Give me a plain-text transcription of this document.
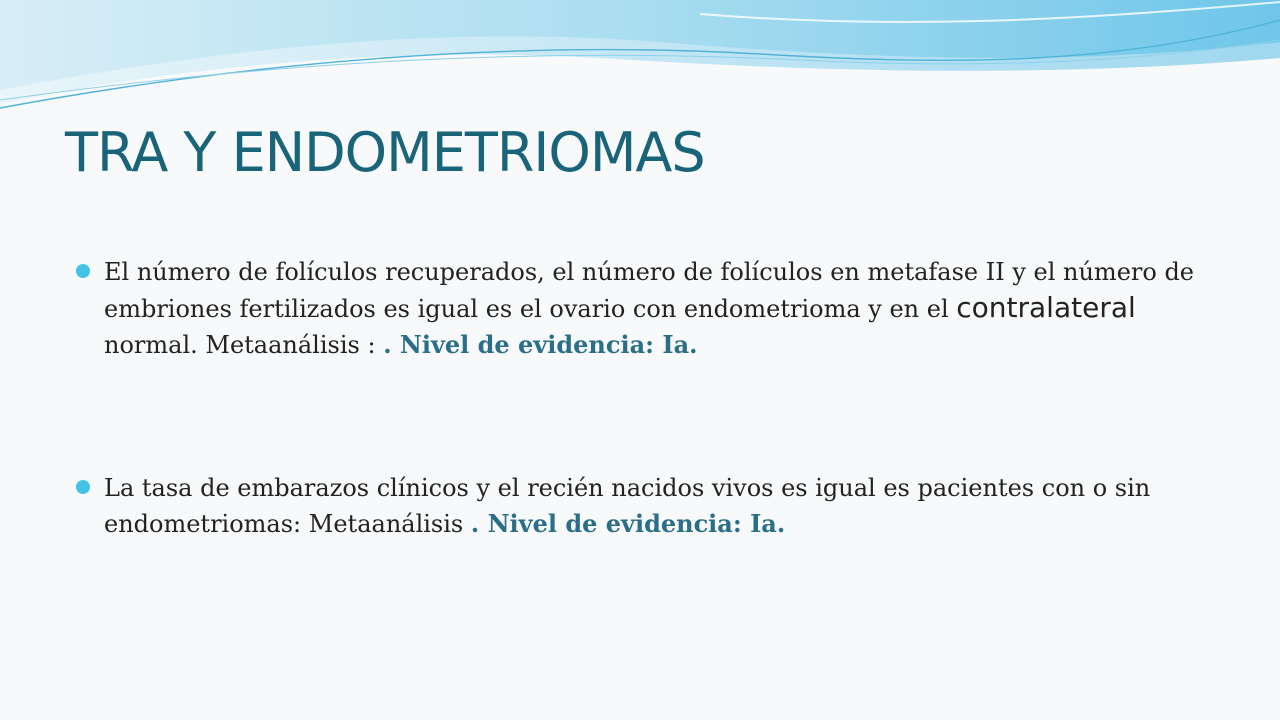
TRA Y ENDOMETRIOMAS
El número de folículos recuperados, el número de folículos en metafase II y el número de embriones fertilizados es igual es el ovario con endometrioma y en el contralateral normal. Metaanálisis : . Nivel de evidencia: Ia.
La tasa de embarazos clínicos y el recién nacidos vivos es igual es pacientes con o sin endometriomas: Metaanálisis . Nivel de evidencia: Ia.
